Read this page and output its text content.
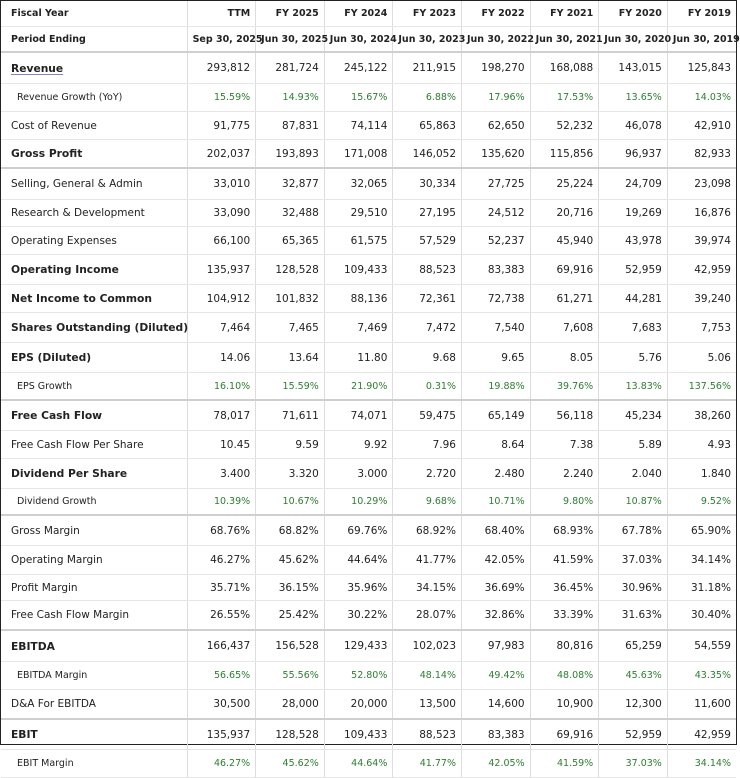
Fiscal Year	TTM	FY 2025	FY 2024	FY 2023	FY 2022	FY 2021	FY 2020	FY 2019
Period Ending	Sep 30, 2025	Jun 30, 2025	Jun 30, 2024	Jun 30, 2023	Jun 30, 2022	Jun 30, 2021	Jun 30, 2020	Jun 30, 2019
Revenue	293,812	281,724	245,122	211,915	198,270	168,088	143,015	125,843
Revenue Growth (YoY)	15.59%	14.93%	15.67%	6.88%	17.96%	17.53%	13.65%	14.03%
Cost of Revenue	91,775	87,831	74,114	65,863	62,650	52,232	46,078	42,910
Gross Profit	202,037	193,893	171,008	146,052	135,620	115,856	96,937	82,933
Selling, General & Admin	33,010	32,877	32,065	30,334	27,725	25,224	24,709	23,098
Research & Development	33,090	32,488	29,510	27,195	24,512	20,716	19,269	16,876
Operating Expenses	66,100	65,365	61,575	57,529	52,237	45,940	43,978	39,974
Operating Income	135,937	128,528	109,433	88,523	83,383	69,916	52,959	42,959
Net Income to Common	104,912	101,832	88,136	72,361	72,738	61,271	44,281	39,240
Shares Outstanding (Diluted)	7,464	7,465	7,469	7,472	7,540	7,608	7,683	7,753
EPS (Diluted)	14.06	13.64	11.80	9.68	9.65	8.05	5.76	5.06
EPS Growth	16.10%	15.59%	21.90%	0.31%	19.88%	39.76%	13.83%	137.56%
Free Cash Flow	78,017	71,611	74,071	59,475	65,149	56,118	45,234	38,260
Free Cash Flow Per Share	10.45	9.59	9.92	7.96	8.64	7.38	5.89	4.93
Dividend Per Share	3.400	3.320	3.000	2.720	2.480	2.240	2.040	1.840
Dividend Growth	10.39%	10.67%	10.29%	9.68%	10.71%	9.80%	10.87%	9.52%
Gross Margin	68.76%	68.82%	69.76%	68.92%	68.40%	68.93%	67.78%	65.90%
Operating Margin	46.27%	45.62%	44.64%	41.77%	42.05%	41.59%	37.03%	34.14%
Profit Margin	35.71%	36.15%	35.96%	34.15%	36.69%	36.45%	30.96%	31.18%
Free Cash Flow Margin	26.55%	25.42%	30.22%	28.07%	32.86%	33.39%	31.63%	30.40%
EBITDA	166,437	156,528	129,433	102,023	97,983	80,816	65,259	54,559
EBITDA Margin	56.65%	55.56%	52.80%	48.14%	49.42%	48.08%	45.63%	43.35%
D&A For EBITDA	30,500	28,000	20,000	13,500	14,600	10,900	12,300	11,600
EBIT	135,937	128,528	109,433	88,523	83,383	69,916	52,959	42,959
EBIT Margin	46.27%	45.62%	44.64%	41.77%	42.05%	41.59%	37.03%	34.14%
